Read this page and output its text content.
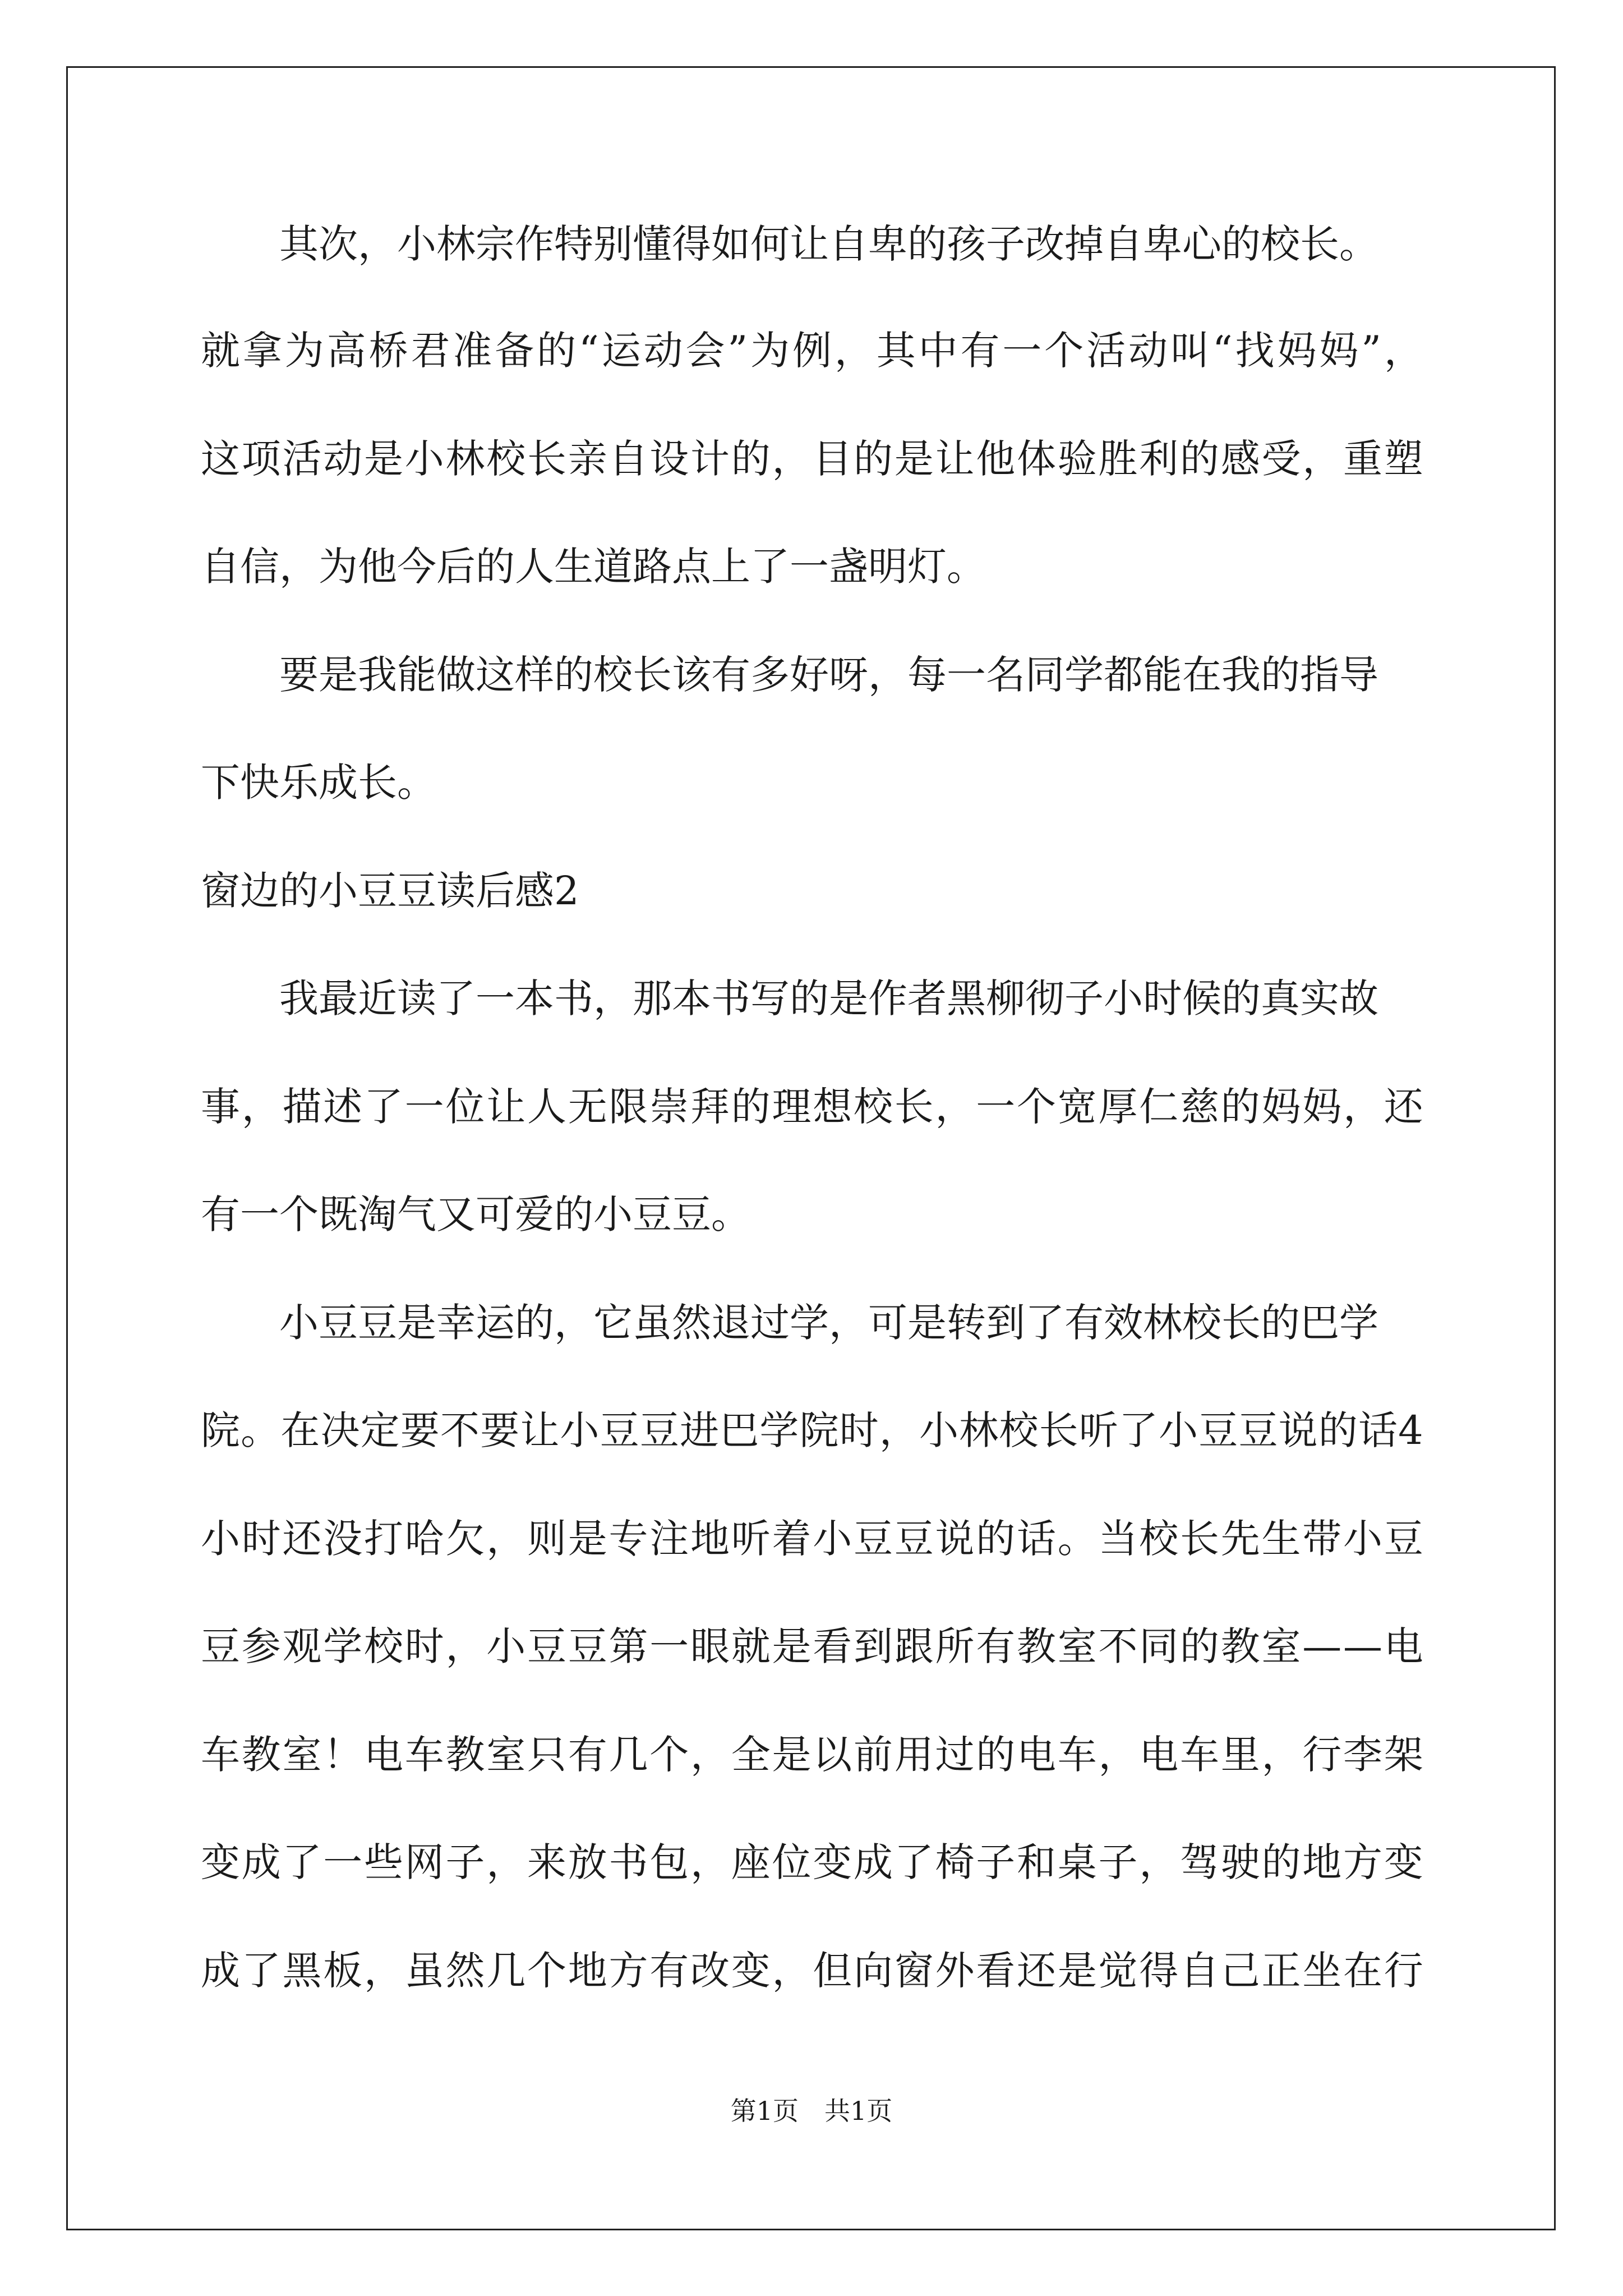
其次，小林宗作特别懂得如何让自卑的孩子改掉自卑心的校长。
就 拿 为 高 桥 君 准 备 的 “ 运 动 会 ” 为 例 ， 其 中 有 一 个 活 动 叫 “ 找 妈 妈 ” ，
这 项 活 动 是 小 林 校 长 亲 自 设 计 的 ， 目 的 是 让 他 体 验 胜 利 的 感 受 ， 重 塑
自信，为他今后的人生道路点上了一盏明灯。
要是我能做这样的校长该有多好呀，每一名同学都能在我的指导
下快乐成长。
窗边的小豆豆读后感2
我最近读了一本书，那本书写的是作者黑柳彻子小时候的真实故
事 ， 描 述 了 一 位 让 人 无 限 崇 拜 的 理 想 校 长 ， 一 个 宽 厚 仁 慈 的 妈 妈 ， 还
有一个既淘气又可爱的小豆豆。
小豆豆是幸运的，它虽然退过学，可是转到了有效林校长的巴学
院 。 在 决 定 要 不 要 让 小 豆 豆 进 巴 学 院 时 ， 小 林 校 长 听 了 小 豆 豆 说 的 话 4
小 时 还 没 打 哈 欠 ， 则 是 专 注 地 听 着 小 豆 豆 说 的 话 。 当 校 长 先 生 带 小 豆
豆 参 观 学 校 时 ， 小 豆 豆 第 一 眼 就 是 看 到 跟 所 有 教 室 不 同 的 教 室 — — 电
车 教 室 ！ 电 车 教 室 只 有 几 个 ， 全 是 以 前 用 过 的 电 车 ， 电 车 里 ， 行 李 架
变 成 了 一 些 网 子 ， 来 放 书 包 ， 座 位 变 成 了 椅 子 和 桌 子 ， 驾 驶 的 地 方 变
成 了 黑 板 ， 虽 然 几 个 地 方 有 改 变 ， 但 向 窗 外 看 还 是 觉 得 自 己 正 坐 在 行
第1页　共1页
